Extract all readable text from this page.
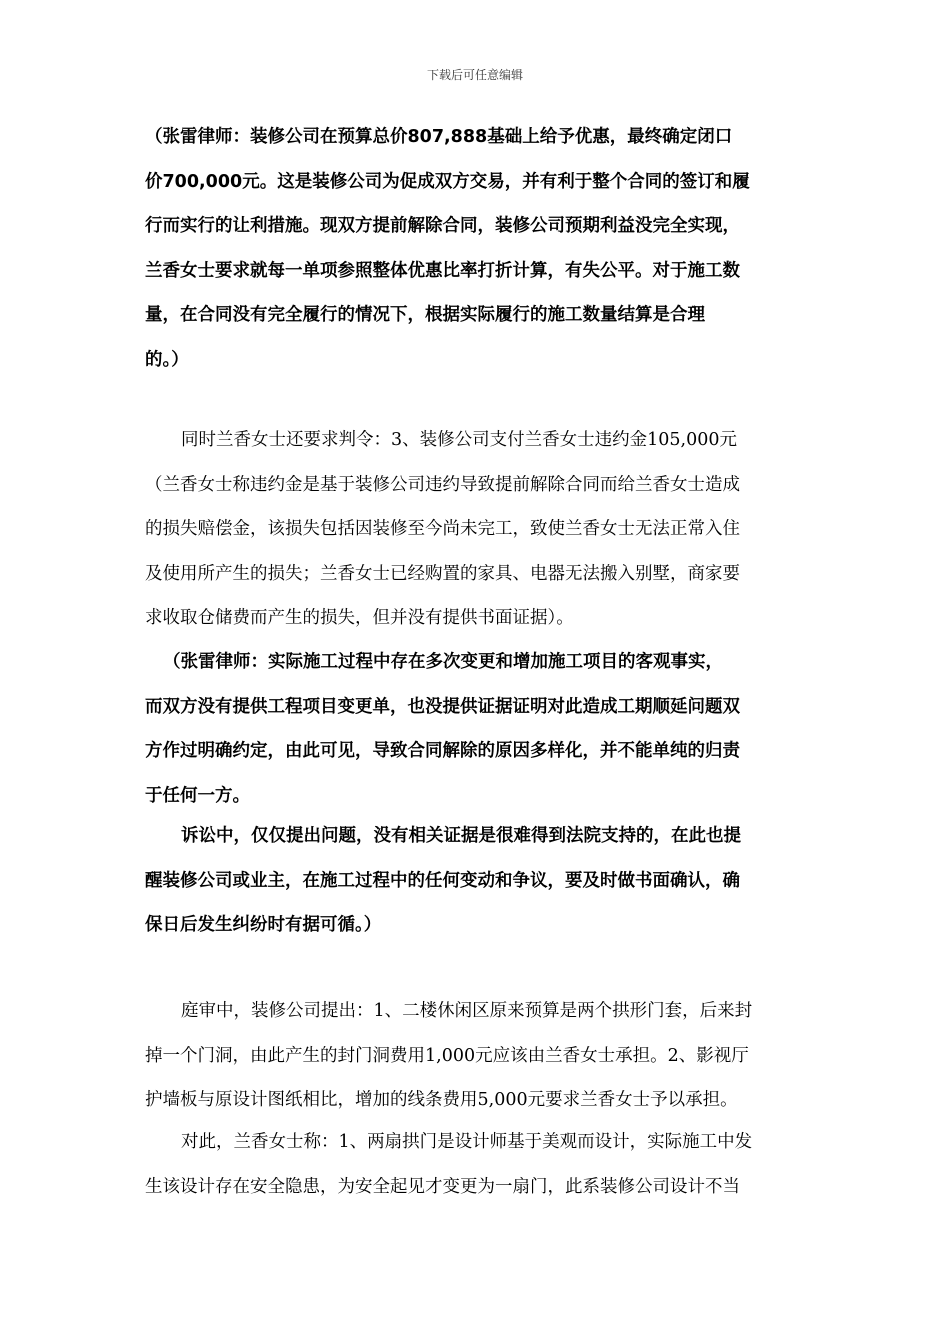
下载后可任意编辑
（张雷律师：装修公司在预算总价807,888基础上给予优惠，最终确定闭口
价700,000元。这是装修公司为促成双方交易，并有利于整个合同的签订和履
行而实行的让利措施。现双方提前解除合同，装修公司预期利益没完全实现，
兰香女士要求就每一单项参照整体优惠比率打折计算，有失公平。对于施工数
量，在合同没有完全履行的情况下，根据实际履行的施工数量结算是合理
的。）
同时兰香女士还要求判令：3、装修公司支付兰香女士违约金105,000元
（兰香女士称违约金是基于装修公司违约导致提前解除合同而给兰香女士造成
的损失赔偿金，该损失包括因装修至今尚未完工，致使兰香女士无法正常入住
及使用所产生的损失；兰香女士已经购置的家具、电器无法搬入别墅，商家要
求收取仓储费而产生的损失，但并没有提供书面证据）。
（张雷律师：实际施工过程中存在多次变更和增加施工项目的客观事实，
而双方没有提供工程项目变更单，也没提供证据证明对此造成工期顺延问题双
方作过明确约定，由此可见，导致合同解除的原因多样化，并不能单纯的归责
于任何一方。
诉讼中，仅仅提出问题，没有相关证据是很难得到法院支持的，在此也提
醒装修公司或业主，在施工过程中的任何变动和争议，要及时做书面确认，确
保日后发生纠纷时有据可循。）
庭审中，装修公司提出：1、二楼休闲区原来预算是两个拱形门套，后来封
掉一个门洞，由此产生的封门洞费用1,000元应该由兰香女士承担。2、影视厅
护墙板与原设计图纸相比，增加的线条费用5,000元要求兰香女士予以承担。
对此，兰香女士称：1、两扇拱门是设计师基于美观而设计，实际施工中发
生该设计存在安全隐患，为安全起见才变更为一扇门，此系装修公司设计不当
